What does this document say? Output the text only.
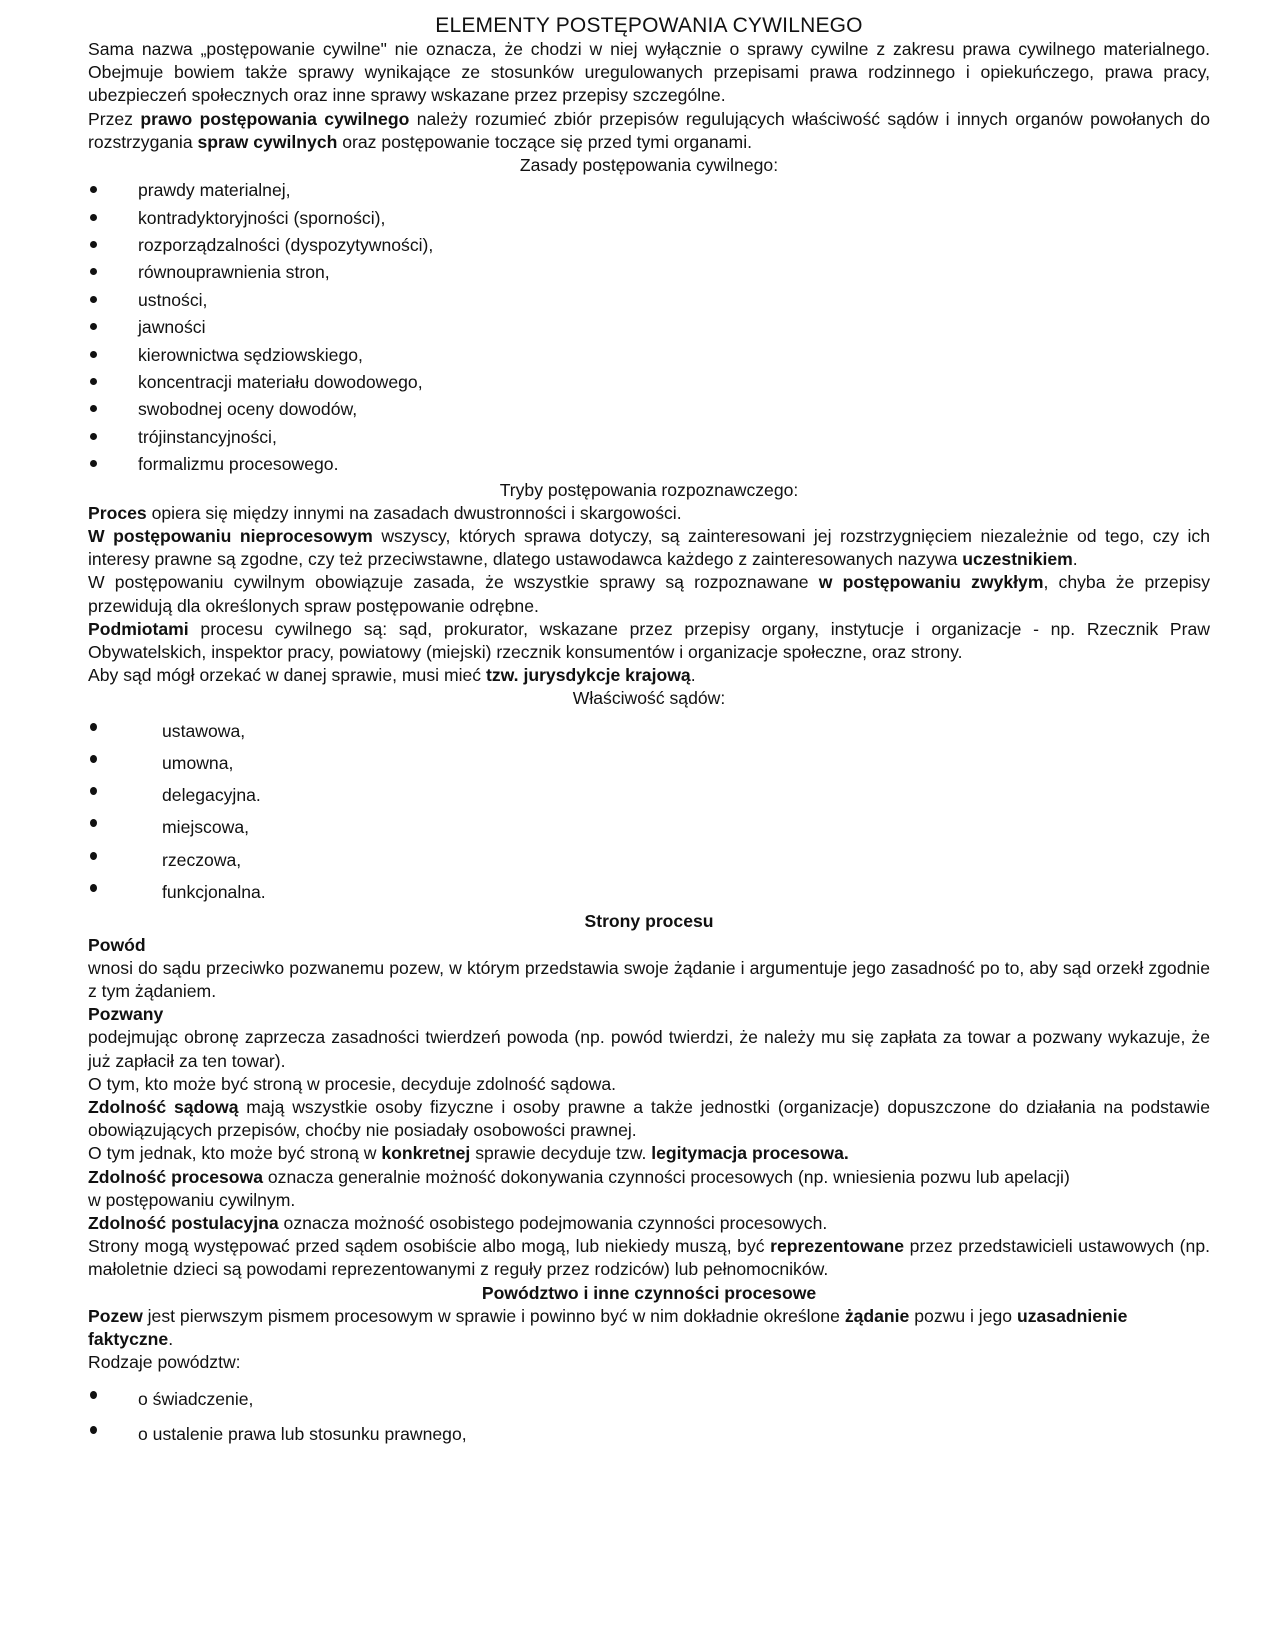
ELEMENTY POSTĘPOWANIA CYWILNEGO

Sama nazwa „postępowanie cywilne" nie oznacza, że chodzi w niej wyłącznie o sprawy cywilne z zakresu prawa cywilnego materialnego. Obejmuje bowiem także sprawy wynikające ze stosunków uregulowanych przepisami prawa rodzinnego i opiekuńczego, prawa pracy, ubezpieczeń społecznych oraz inne sprawy wskazane przez przepisy szczególne.

Przez prawo postępowania cywilnego należy rozumieć zbiór przepisów regulujących właściwość sądów i innych organów powołanych do rozstrzygania spraw cywilnych oraz postępowanie toczące się przed tymi organami.

Zasady postępowania cywilnego:

prawdy materialnej,
kontradyktoryjności (sporności),
rozporządzalności (dyspozytywności),
równouprawnienia stron,
ustności,
jawności
kierownictwa sędziowskiego,
koncentracji materiału dowodowego,
swobodnej oceny dowodów,
trójinstancyjności,
formalizmu procesowego.

Tryby postępowania rozpoznawczego:

Proces opiera się między innymi na zasadach dwustronności i skargowości.

W postępowaniu nieprocesowym wszyscy, których sprawa dotyczy, są zainteresowani jej rozstrzygnięciem niezależnie od tego, czy ich interesy prawne są zgodne, czy też przeciwstawne, dlatego ustawodawca każdego z zainteresowanych nazywa uczestnikiem.

W postępowaniu cywilnym obowiązuje zasada, że wszystkie sprawy są rozpoznawane w postępowaniu zwykłym, chyba że przepisy przewidują dla określonych spraw postępowanie odrębne.

Podmiotami procesu cywilnego są: sąd, prokurator, wskazane przez przepisy organy, instytucje i organizacje - np. Rzecznik Praw Obywatelskich, inspektor pracy, powiatowy (miejski) rzecznik konsumentów i organizacje społeczne, oraz strony.

Aby sąd mógł orzekać w danej sprawie, musi mieć tzw. jurysdykcje krajową.

Właściwość sądów:

ustawowa,
umowna,
delegacyjna.
miejscowa,
rzeczowa,
funkcjonalna.

Strony procesu

Powód

wnosi do sądu przeciwko pozwanemu pozew, w którym przedstawia swoje żądanie i argumentuje jego zasadność po to, aby sąd orzekł zgodnie z tym żądaniem.

Pozwany

podejmując obronę zaprzecza zasadności twierdzeń powoda (np. powód twierdzi, że należy mu się zapłata za towar a pozwany wykazuje, że już zapłacił za ten towar).

O tym, kto może być stroną w procesie, decyduje zdolność sądowa.

Zdolność sądową mają wszystkie osoby fizyczne i osoby prawne a także jednostki (organizacje) dopuszczone do działania na podstawie obowiązujących przepisów, choćby nie posiadały osobowości prawnej.

O tym jednak, kto może być stroną w konkretnej sprawie decyduje tzw. legitymacja procesowa.

Zdolność procesowa oznacza generalnie możność dokonywania czynności procesowych (np. wniesienia pozwu lub apelacji)

w postępowaniu cywilnym.

Zdolność postulacyjna oznacza możność osobistego podejmowania czynności procesowych.

Strony mogą występować przed sądem osobiście albo mogą, lub niekiedy muszą, być reprezentowane przez przedstawicieli ustawowych (np. małoletnie dzieci są powodami reprezentowanymi z reguły przez rodziców) lub pełnomocników.

Powództwo i inne czynności procesowe

Pozew jest pierwszym pismem procesowym w sprawie i powinno być w nim dokładnie określone żądanie pozwu i jego uzasadnienie faktyczne.

Rodzaje powództw:

o świadczenie,
o ustalenie prawa lub stosunku prawnego,
